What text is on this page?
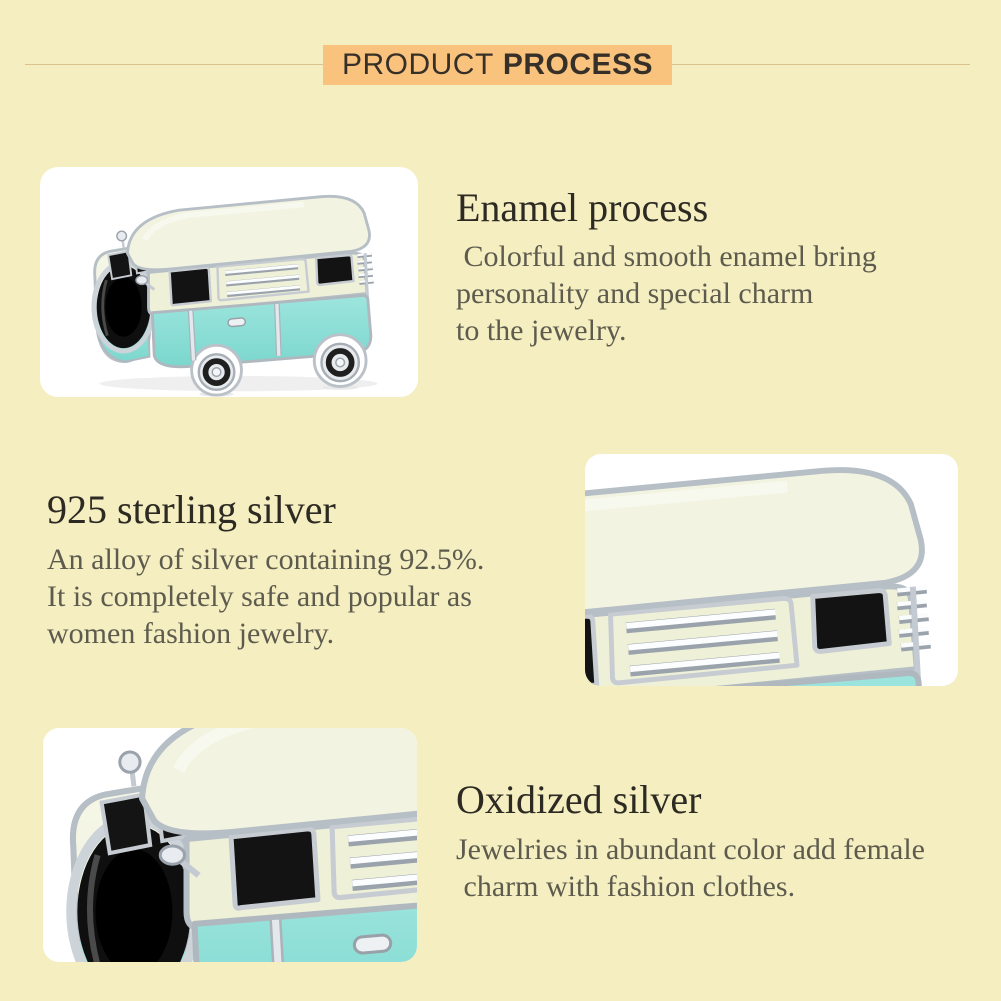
PRODUCT PROCESS
Enamel process
Colorful and smooth enamel bring
personality and special charm
to the jewelry.
925 sterling silver
An alloy of silver containing 92.5%.
It is completely safe and popular as
women fashion jewelry.
Oxidized silver
Jewelries in abundant color add female
charm with fashion clothes.
